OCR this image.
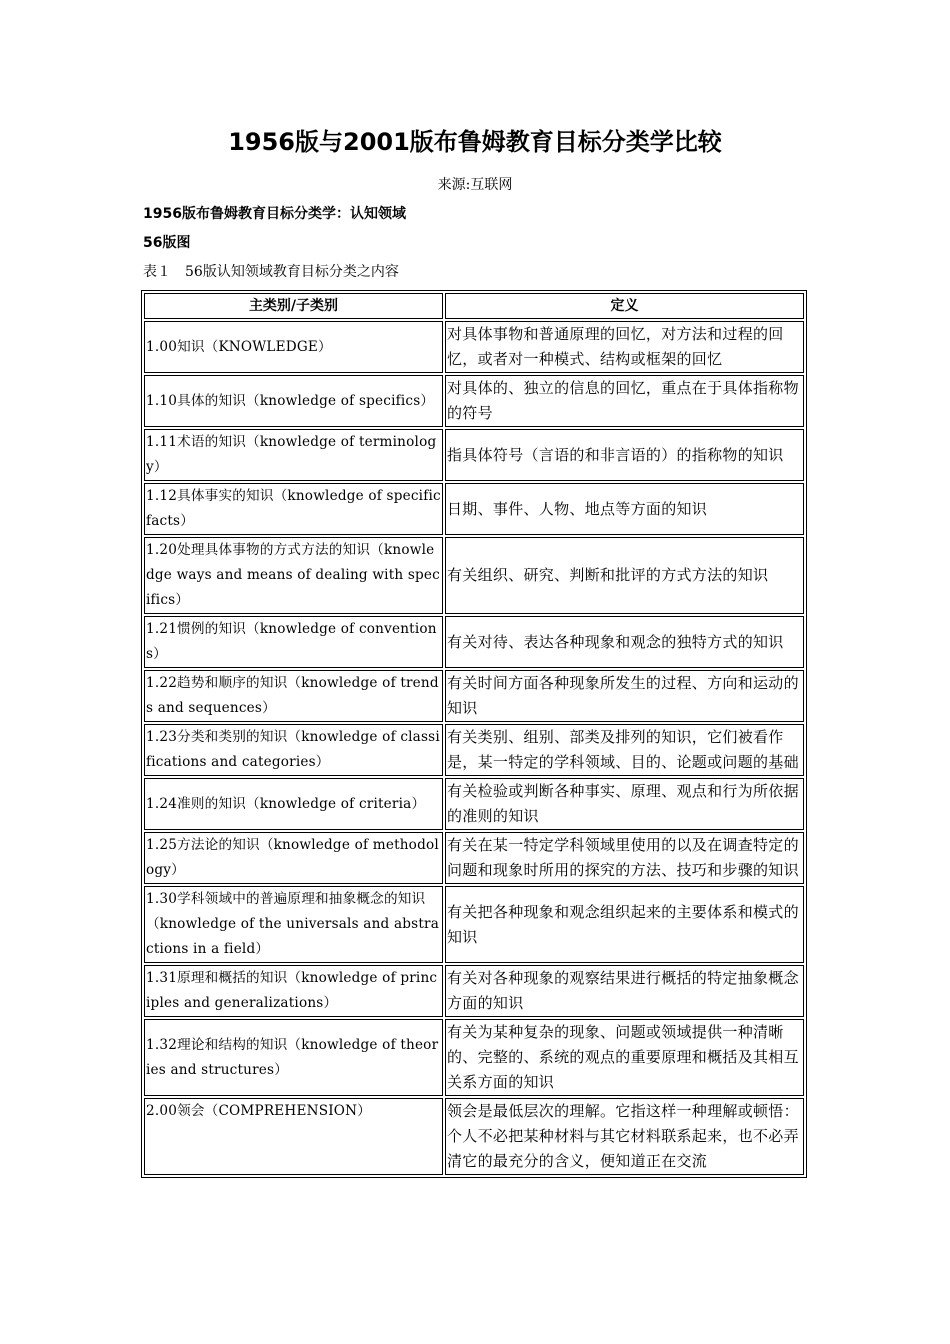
1956版与2001版布鲁姆教育目标分类学比较
来源:互联网
1956版布鲁姆教育目标分类学：认知领域
56版图
表１　56版认知领域教育目标分类之内容
主类别/子类别	定义
1.00知识（KNOWLEDGE）	对具体事物和普通原理的回忆，对方法和过程的回忆，或者对一种模式、结构或框架的回忆
1.10具体的知识（knowledge of specifics）	对具体的、独立的信息的回忆，重点在于具体指称物的符号
1.11术语的知识（knowledge of terminology）	指具体符号（言语的和非言语的）的指称物的知识
1.12具体事实的知识（knowledge of specific facts）	日期、事件、人物、地点等方面的知识
1.20处理具体事物的方式方法的知识（knowledge ways and means of dealing with specifics）	有关组织、研究、判断和批评的方式方法的知识
1.21惯例的知识（knowledge of conventions）	有关对待、表达各种现象和观念的独特方式的知识
1.22趋势和顺序的知识（knowledge of trends and sequences）	有关时间方面各种现象所发生的过程、方向和运动的知识
1.23分类和类别的知识（knowledge of classifications and categories）	有关类别、组别、部类及排列的知识，它们被看作是，某一特定的学科领域、目的、论题或问题的基础
1.24准则的知识（knowledge of criteria）	有关检验或判断各种事实、原理、观点和行为所依据的准则的知识
1.25方法论的知识（knowledge of methodology）	有关在某一特定学科领域里使用的以及在调查特定的问题和现象时所用的探究的方法、技巧和步骤的知识
1.30学科领域中的普遍原理和抽象概念的知识（knowledge of the universals and abstractions in a field）	有关把各种现象和观念组织起来的主要体系和模式的知识
1.31原理和概括的知识（knowledge of principles and generalizations）	有关对各种现象的观察结果进行概括的特定抽象概念方面的知识
1.32理论和结构的知识（knowledge of theories and structures）	有关为某种复杂的现象、问题或领域提供一种清晰的、完整的、系统的观点的重要原理和概括及其相互关系方面的知识
2.00领会（COMPREHENSION）	领会是最低层次的理解。它指这样一种理解或顿悟：个人不必把某种材料与其它材料联系起来，也不必弄清它的最充分的含义，便知道正在交流
